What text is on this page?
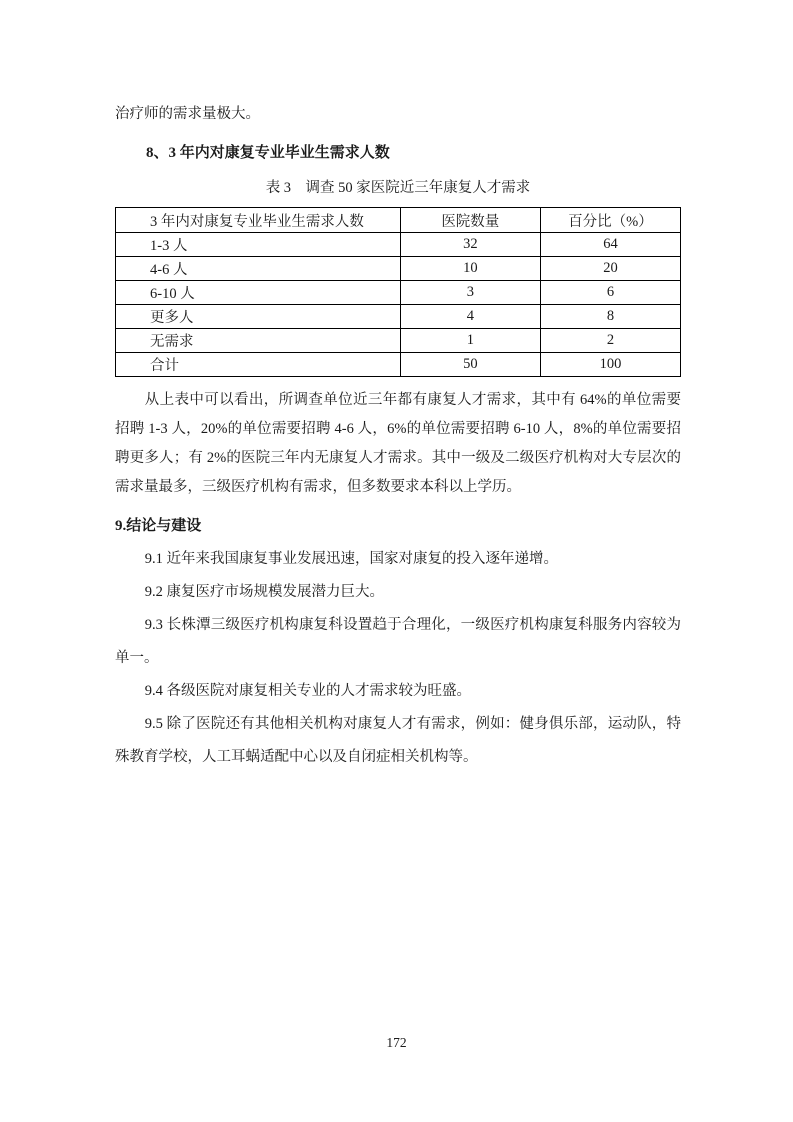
治疗师的需求量极大。

8、3 年内对康复专业毕业生需求人数

表 3　调查 50 家医院近三年康复人才需求

3 年内对康复专业毕业生需求人数	医院数量	百分比（%）
1-3 人	32	64
4-6 人	10	20
6-10 人	3	6
更多人	4	8
无需求	1	2
合计	50	100

从上表中可以看出，所调查单位近三年都有康复人才需求，其中有 64%的单位需要招聘 1-3 人，20%的单位需要招聘 4-6 人，6%的单位需要招聘 6-10 人，8%的单位需要招聘更多人；有 2%的医院三年内无康复人才需求。其中一级及二级医疗机构对大专层次的需求量最多，三级医疗机构有需求，但多数要求本科以上学历。

9.结论与建设

9.1 近年来我国康复事业发展迅速，国家对康复的投入逐年递增。

9.2 康复医疗市场规模发展潜力巨大。

9.3 长株潭三级医疗机构康复科设置趋于合理化，一级医疗机构康复科服务内容较为单一。

9.4 各级医院对康复相关专业的人才需求较为旺盛。

9.5 除了医院还有其他相关机构对康复人才有需求，例如：健身俱乐部，运动队，特殊教育学校，人工耳蜗适配中心以及自闭症相关机构等。

172
